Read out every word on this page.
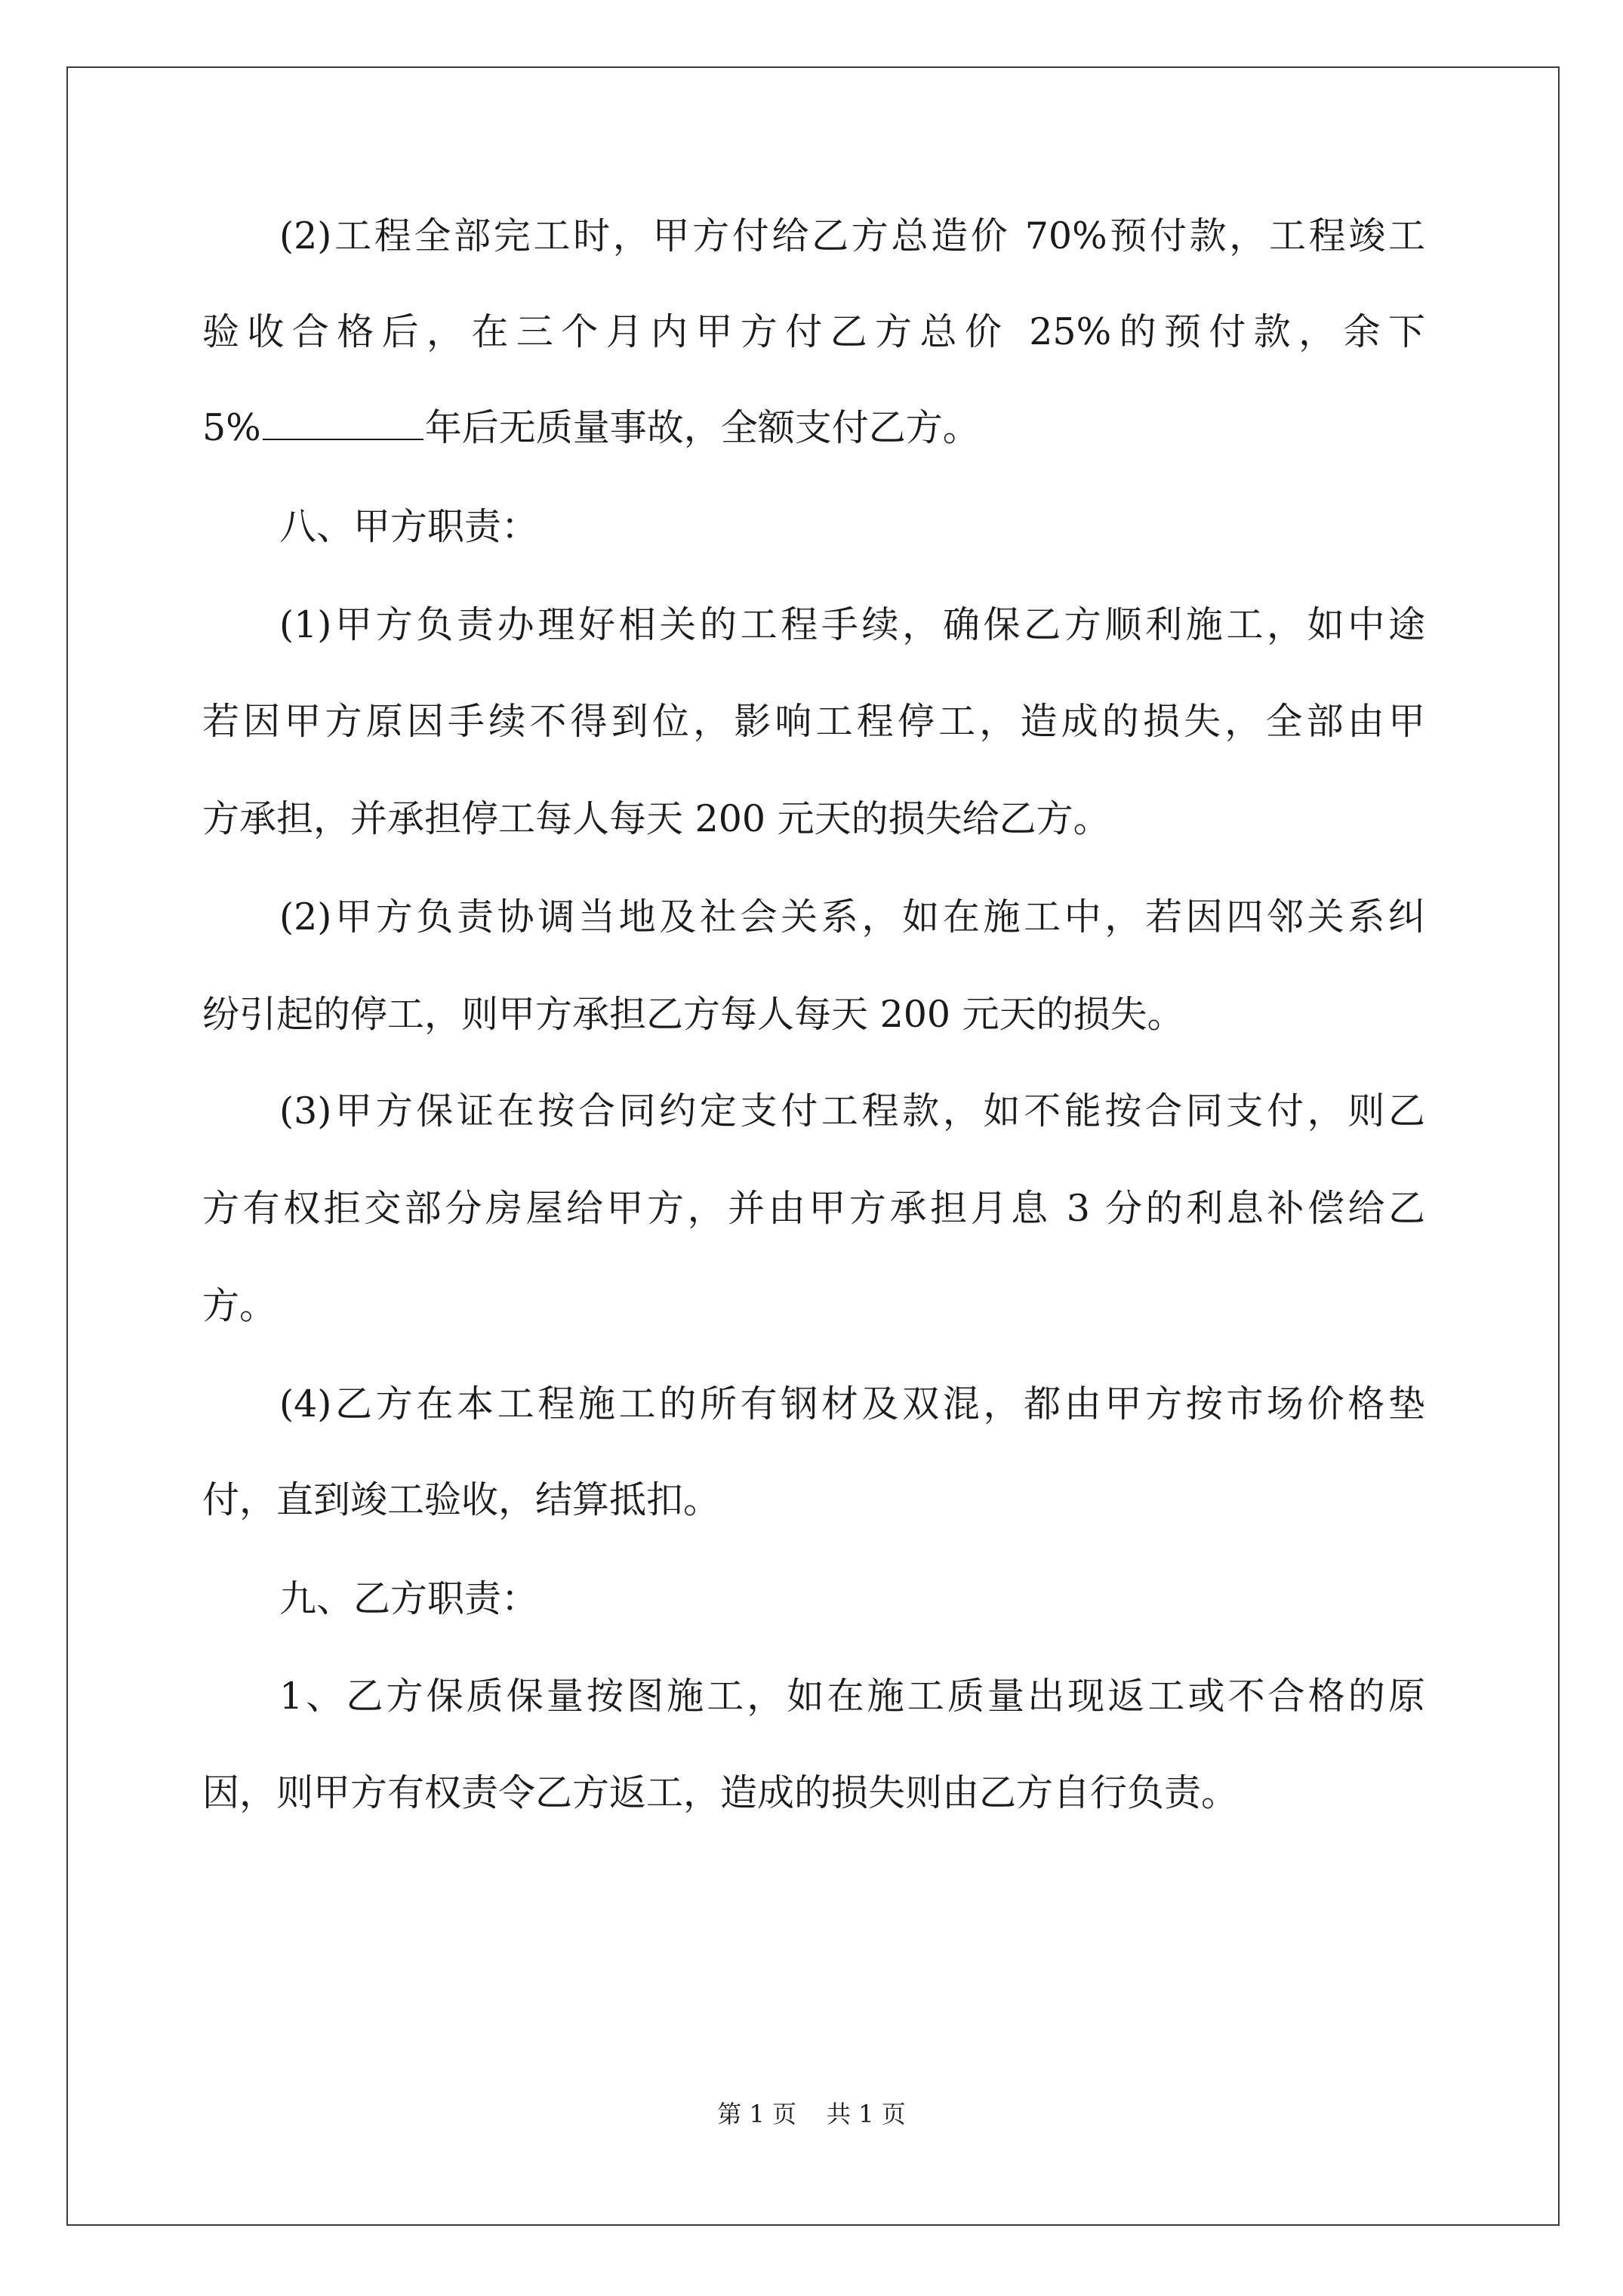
(2)工程全部完工时，甲方付给乙方总造价 70%预付款，工程竣工
验收合格后，在三个月内甲方付乙方总价 25%的预付款，余下
5%	年后无质量事故，全额支付乙方。
八、甲方职责：
(1)甲方负责办理好相关的工程手续，确保乙方顺利施工，如中途
若因甲方原因手续不得到位，影响工程停工，造成的损失，全部由甲
方承担，并承担停工每人每天 200 元天的损失给乙方。
(2)甲方负责协调当地及社会关系，如在施工中，若因四邻关系纠
纷引起的停工，则甲方承担乙方每人每天 200 元天的损失。
(3)甲方保证在按合同约定支付工程款，如不能按合同支付，则乙
方有权拒交部分房屋给甲方，并由甲方承担月息 3 分的利息补偿给乙
方。
(4)乙方在本工程施工的所有钢材及双混，都由甲方按市场价格垫
付，直到竣工验收，结算抵扣。
九、乙方职责：
1、乙方保质保量按图施工，如在施工质量出现返工或不合格的原
因，则甲方有权责令乙方返工，造成的损失则由乙方自行负责。
第 1 页 共 1 页
